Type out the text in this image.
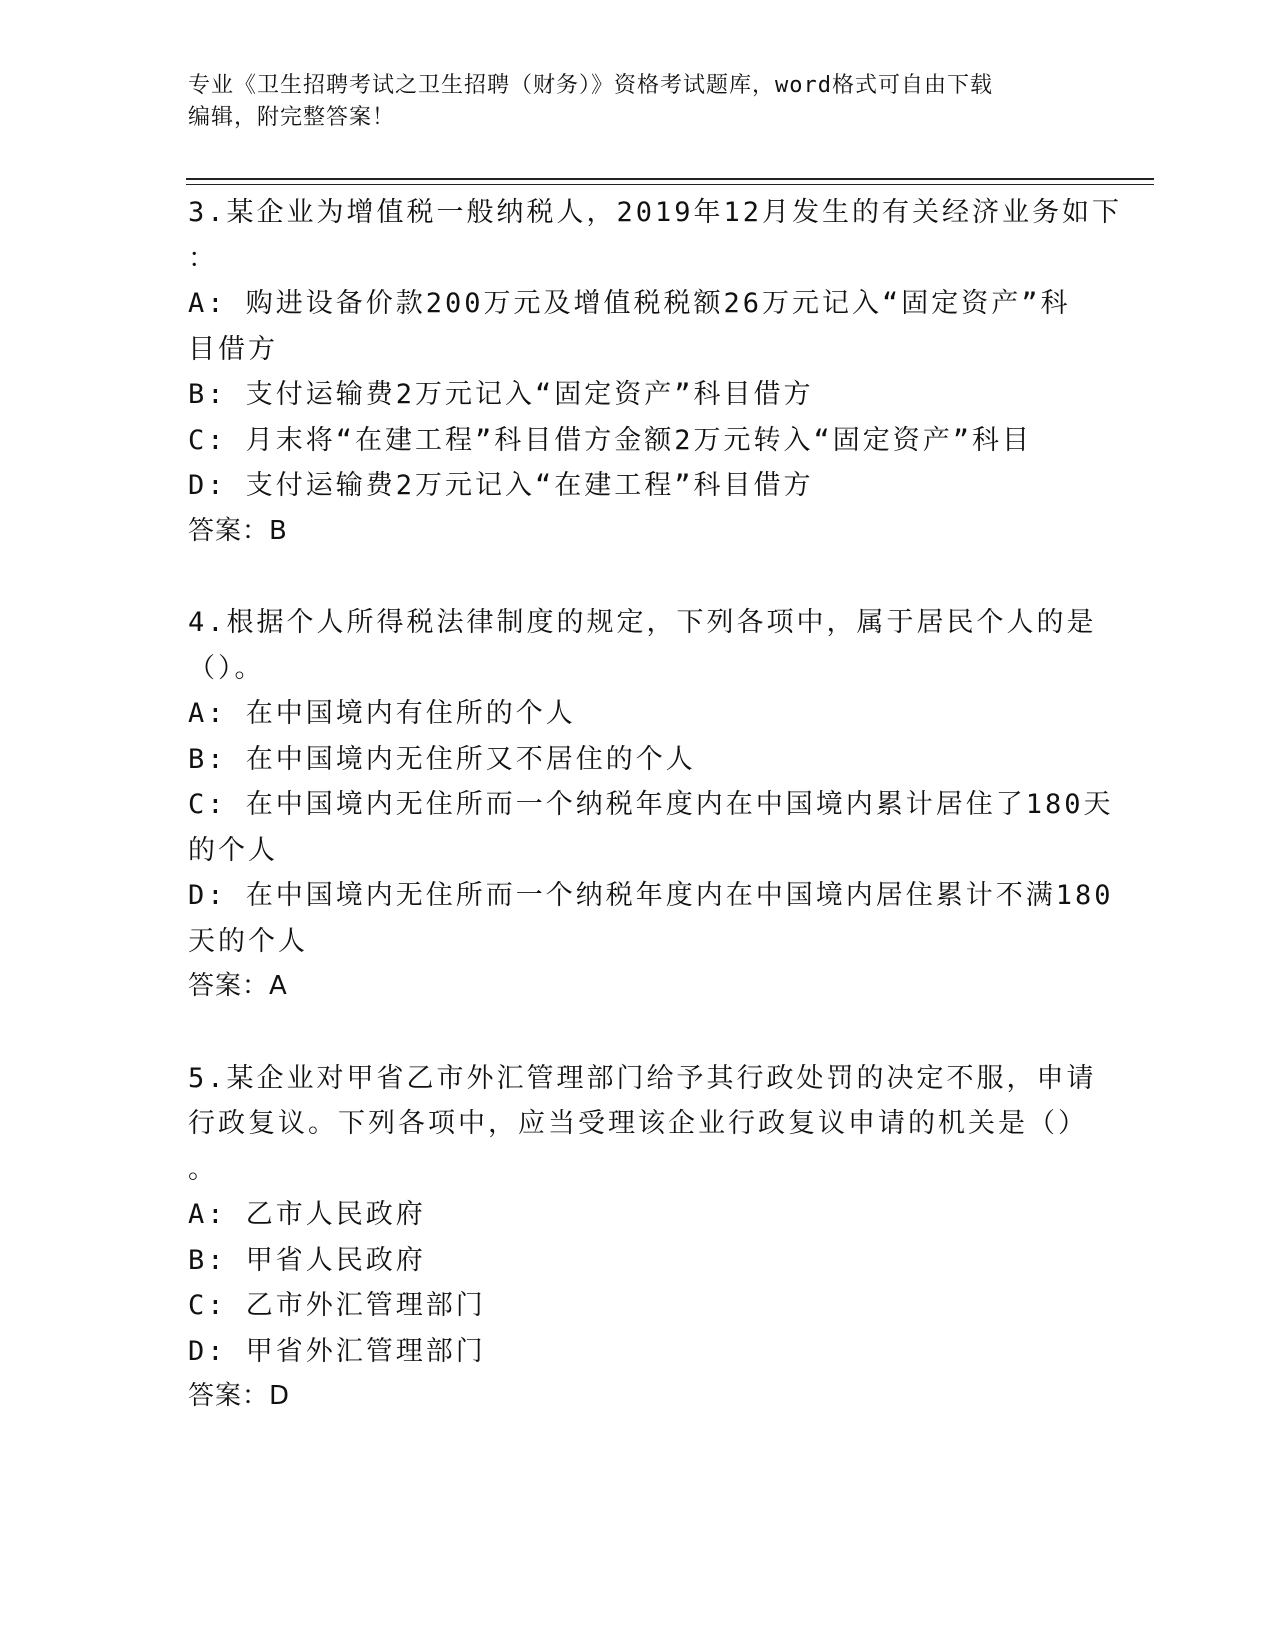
专业《卫生招聘考试之卫生招聘（财务）》资格考试题库，word格式可自由下载
编辑，附完整答案！
3.某企业为增值税一般纳税人，2019年12月发生的有关经济业务如下
：
A: 购进设备价款200万元及增值税税额26万元记入“固定资产”科
目借方
B: 支付运输费2万元记入“固定资产”科目借方
C: 月末将“在建工程”科目借方金额2万元转入“固定资产”科目
D: 支付运输费2万元记入“在建工程”科目借方
答案：B
4.根据个人所得税法律制度的规定，下列各项中，属于居民个人的是
（）。
A: 在中国境内有住所的个人
B: 在中国境内无住所又不居住的个人
C: 在中国境内无住所而一个纳税年度内在中国境内累计居住了180天
的个人
D: 在中国境内无住所而一个纳税年度内在中国境内居住累计不满180
天的个人
答案：A
5.某企业对甲省乙市外汇管理部门给予其行政处罚的决定不服，申请
行政复议。下列各项中，应当受理该企业行政复议申请的机关是（）
。
A: 乙市人民政府
B: 甲省人民政府
C: 乙市外汇管理部门
D: 甲省外汇管理部门
答案：D
